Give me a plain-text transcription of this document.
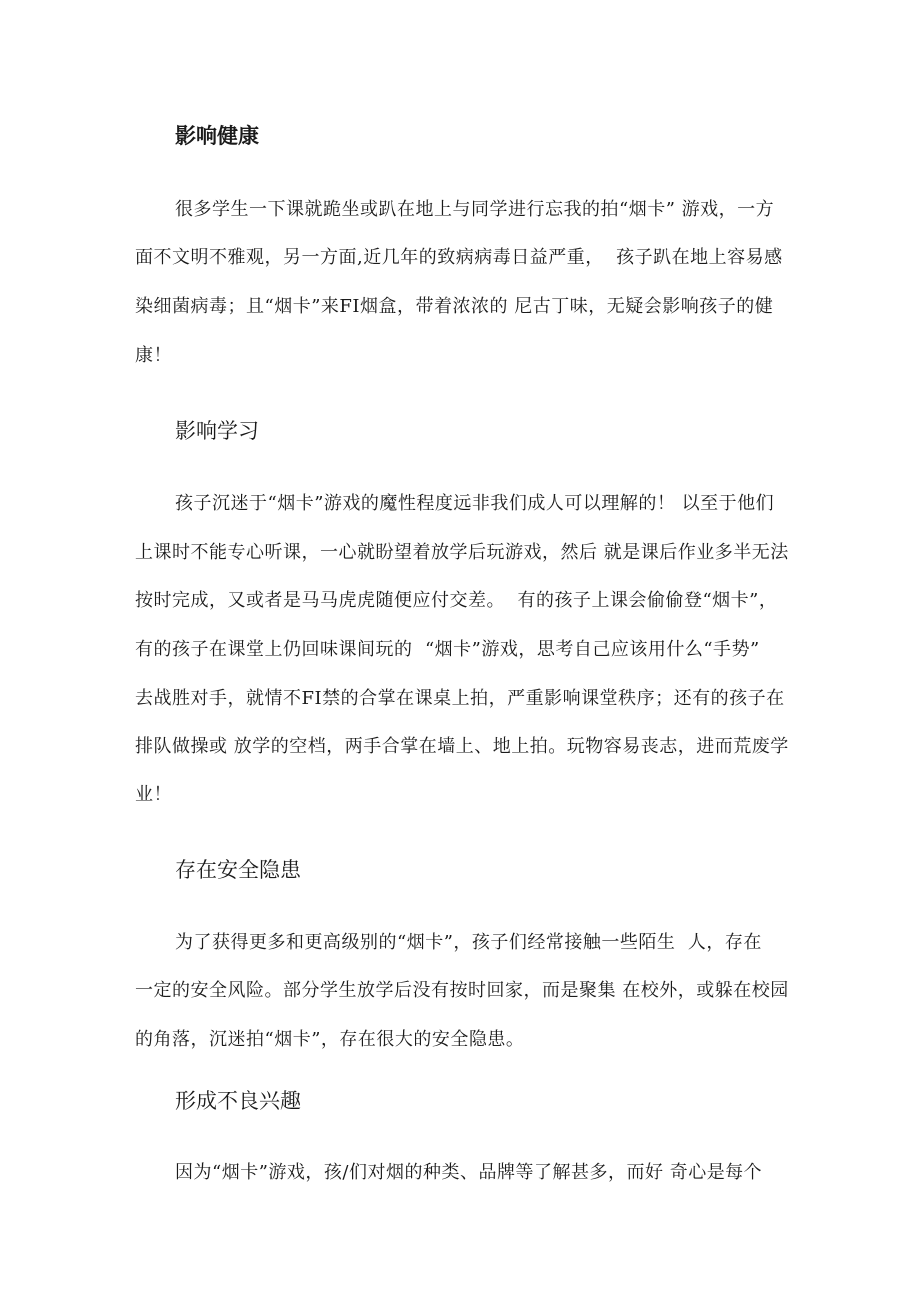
影响健康

很多学生一下课就跪坐或趴在地上与同学进行忘我的拍“烟卡” 游戏，一方

面不文明不雅观，另一方面,近几年的致病病毒日益严重，  孩子趴在地上容易感

染细菌病毒；且“烟卡”来FI烟盒，带着浓浓的 尼古丁味，无疑会影响孩子的健

康！

影响学习

孩子沉迷于“烟卡”游戏的魔性程度远非我们成人可以理解的！ 以至于他们

上课时不能专心听课，一心就盼望着放学后玩游戏，然后 就是课后作业多半无法

按时完成，又或者是马马虎虎随便应付交差。  有的孩子上课会偷偷登“烟卡”，

有的孩子在课堂上仍回味课间玩的  “烟卡”游戏，思考自己应该用什么“手势”

去战胜对手，就情不FI禁的合掌在课桌上拍，严重影响课堂秩序；还有的孩子在

排队做操或 放学的空档，两手合掌在墙上、地上拍。玩物容易丧志，进而荒废学

业！

存在安全隐患

为了获得更多和更高级别的“烟卡”，孩子们经常接触一些陌生  人，存在

一定的安全风险。部分学生放学后没有按时回家，而是聚集 在校外，或躲在校园

的角落，沉迷拍“烟卡”，存在很大的安全隐患。

形成不良兴趣

因为“烟卡”游戏，孩/们对烟的种类、品牌等了解甚多，而好 奇心是每个
